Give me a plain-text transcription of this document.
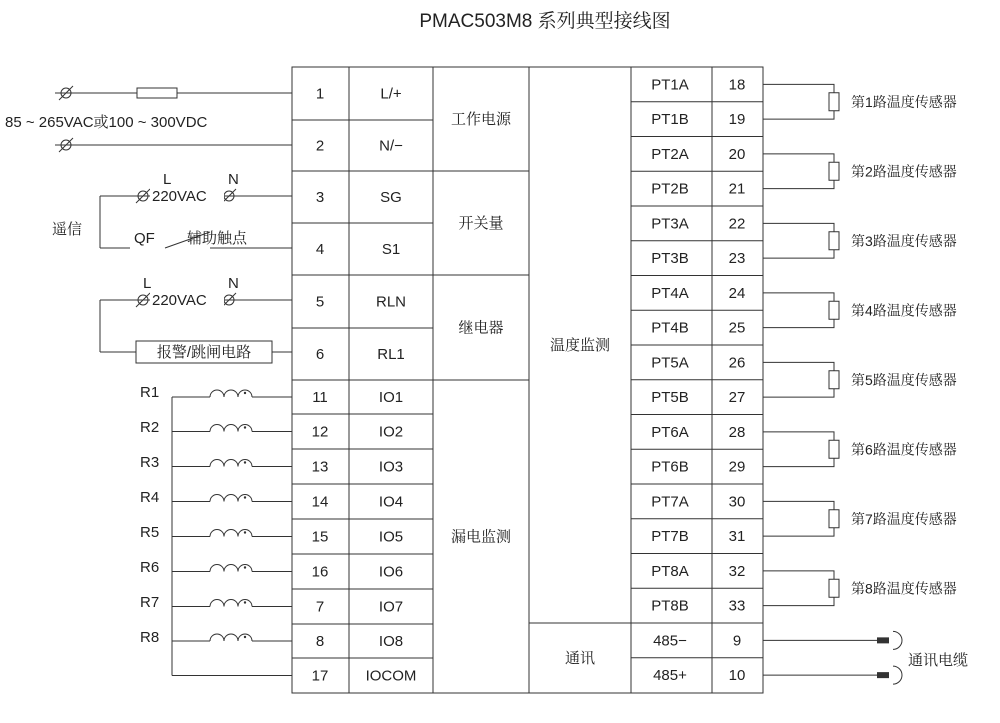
PMAC503M8 系列典型接线图
1	L/+
2	N/−
3	SG
4	S1
5	RLN
6	RL1
11	IO1
12	IO2
13	IO3
14	IO4
15	IO5
16	IO6
7	IO7
8	IO8
17 IOCOM
工作电源
开关量
继电器
漏电监测
PT1A	18
PT1B	19
PT2A	20
PT2B	21
PT3A	22
PT3B	23
PT4A	24
PT4B	25
PT5A	26
PT5B	27
PT6A	28
PT6B	29
PT7A	30
PT7B	31
PT8A	32
PT8B	33
485−	9
485+	10
温度监测
通讯
85 ~ 265VAC或100 ~ 300VDC
220VAC
L	N
遥信
QF 辅助触点
220VAC
L	N
报警/跳闸电路
R1
R2
R3
R4
R5
R6
R7
R8
第1路温度传感器
第2路温度传感器
第3路温度传感器
第4路温度传感器
第5路温度传感器
第6路温度传感器
第7路温度传感器
第8路温度传感器
通讯电缆
